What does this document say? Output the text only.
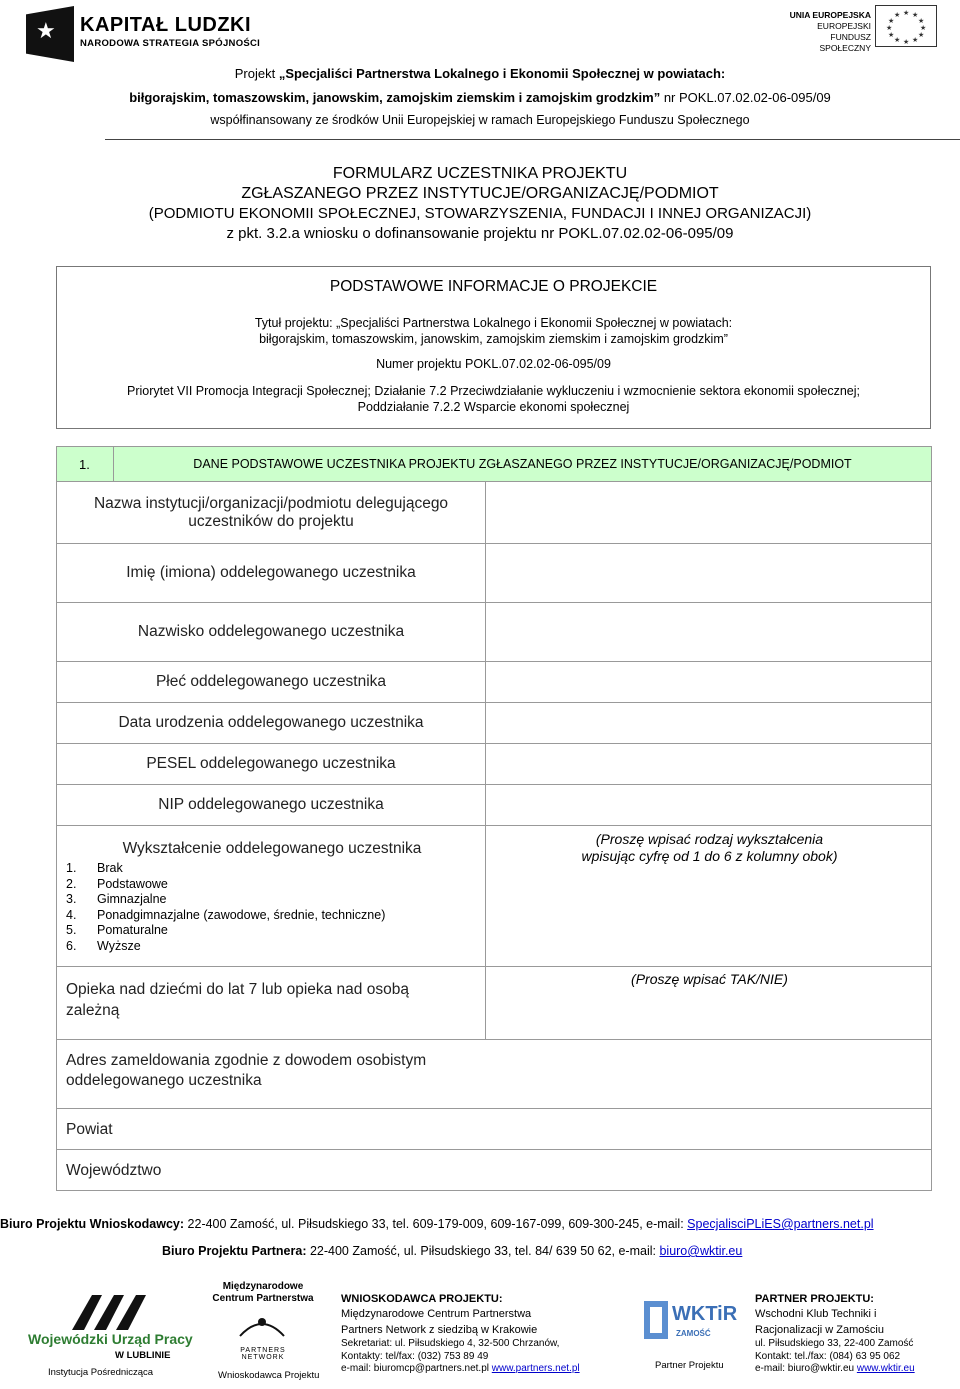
★ KAPITAŁ LUDZKI
NARODOWA STRATEGIA SPÓJNOŚCI
UNIA EUROPEJSKA
EUROPEJSKI
FUNDUSZ SPOŁECZNY
★ ★
★
★
★
★
★
★
★
★
★
★
Projekt „Specjaliści Partnerstwa Lokalnego i Ekonomii Społecznej w powiatach:
biłgorajskim, tomaszowskim, janowskim, zamojskim ziemskim i zamojskim grodzkim” nr POKL.07.02.02-06-095/09
współfinansowany ze środków Unii Europejskiej w ramach Europejskiego Funduszu Społecznego
FORMULARZ UCZESTNIKA PROJEKTU
ZGŁASZANEGO PRZEZ INSTYTUCJE/ORGANIZACJĘ/PODMIOT
(PODMIOTU EKONOMII SPOŁECZNEJ, STOWARZYSZENIA, FUNDACJI I INNEJ ORGANIZACJI)
z pkt. 3.2.a wniosku o dofinansowanie projektu nr POKL.07.02.02-06-095/09
PODSTAWOWE INFORMACJE O PROJEKCIE
Tytuł projektu: „Specjaliści Partnerstwa Lokalnego i Ekonomii Społecznej w powiatach:
biłgorajskim, tomaszowskim, janowskim, zamojskim ziemskim i zamojskim grodzkim”
Numer projektu POKL.07.02.02-06-095/09
Priorytet VII Promocja Integracji Społecznej; Działanie 7.2 Przeciwdziałanie wykluczeniu i wzmocnienie sektora ekonomii społecznej;
Poddziałanie 7.2.2 Wsparcie ekonomi społecznej
1.	DANE PODSTAWOWE UCZESTNIKA PROJEKTU ZGŁASZANEGO PRZEZ INSTYTUCJE/ORGANIZACJĘ/PODMIOT
Nazwa instytucji/organizacji/podmiotu delegującego
uczestników do projektu
Imię (imiona) oddelegowanego uczestnika
Nazwisko oddelegowanego uczestnika
Płeć oddelegowanego uczestnika
Data urodzenia oddelegowanego uczestnika
PESEL oddelegowanego uczestnika
NIP oddelegowanego uczestnika
Wykształcenie oddelegowanego uczestnika
1. Brak
2. Podstawowe
3. Gimnazjalne
4. Ponadgimnazjalne (zawodowe, średnie, techniczne)
5. Pomaturalne
6. Wyższe
(Proszę wpisać rodzaj wykształcenia
wpisując cyfrę od 1 do 6 z kolumny obok)
Opieka nad dziećmi do lat 7 lub opieka nad osobą
zależną
(Proszę wpisać TAK/NIE)
Adres zameldowania zgodnie z dowodem osobistym
oddelegowanego uczestnika
Powiat
Województwo
Biuro Projektu Wnioskodawcy: 22-400 Zamość, ul. Piłsudskiego 33, tel. 609-179-009, 609-167-099, 609-300-245, e-mail: SpecjalisciPLiES@partners.net.pl
Biuro Projektu Partnera: 22-400 Zamość, ul. Piłsudskiego 33, tel. 84/ 639 50 62, e-mail: biuro@wktir.eu
Wojewódzki Urząd Pracy
W LUBLINIE
Instytucja Pośrednicząca
Międzynarodowe
Centrum Partnerstwa
PARTNERS NETWORK
Wnioskodawca Projektu
WNIOSKODAWCA PROJEKTU:
Międzynarodowe Centrum Partnerstwa
Partners Network z siedzibą w Krakowie
Sekretariat: ul. Piłsudskiego 4, 32-500 Chrzanów,
Kontakty: tel/fax: (032) 753 89 49
e-mail: biuromcp@partners.net.pl www.partners.net.pl
WKTiR
ZAMOŚĆ
Partner Projektu
PARTNER PROJEKTU:
Wschodni Klub Techniki i
Racjonalizacji w Zamościu
ul. Piłsudskiego 33, 22-400 Zamość
Kontakt: tel./fax: (084) 63 95 062
e-mail: biuro@wktir.eu www.wktir.eu
